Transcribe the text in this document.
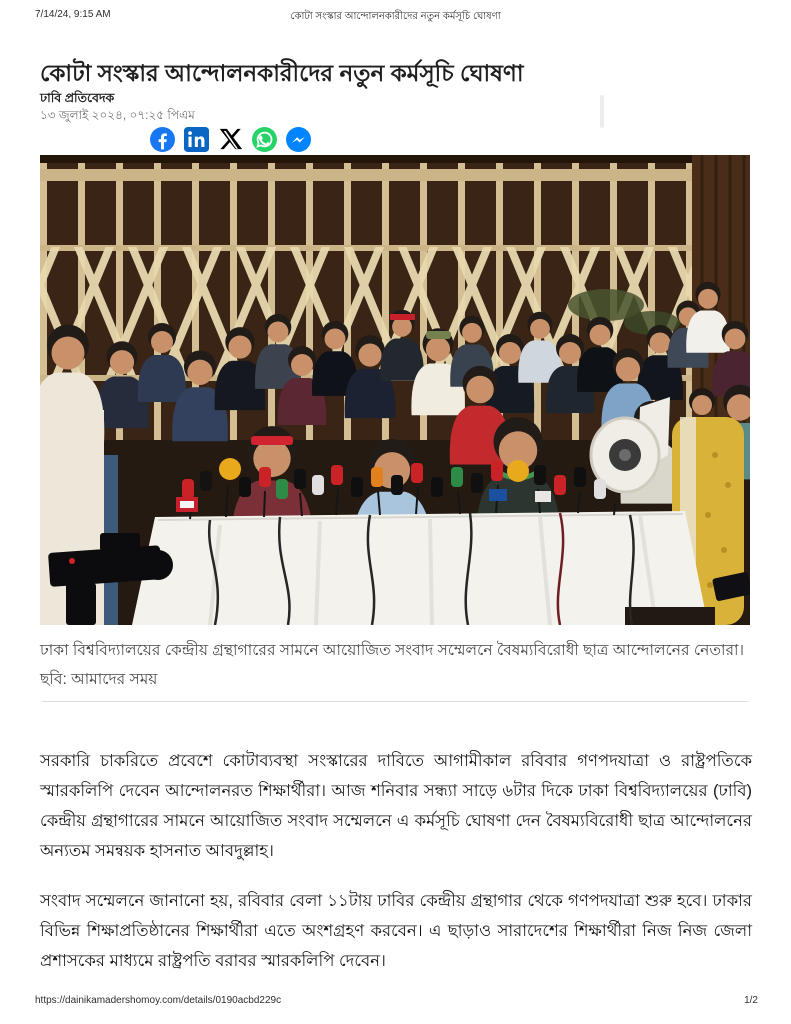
7/14/24, 9:15 AM	কোটা সংস্কার আন্দোলনকারীদের নতুন কর্মসূচি ঘোষণা
কোটা সংস্কার আন্দোলনকারীদের নতুন কর্মসূচি ঘোষণা
ঢাবি প্রতিবেদক
১৩ জুলাই ২০২৪, ০৭:২৫ পিএম
ঢাকা বিশ্ববিদ্যালয়ের কেন্দ্রীয় গ্রন্থাগারের সামনে আয়োজিত সংবাদ সম্মেলনে বৈষম্যবিরোধী ছাত্র আন্দোলনের নেতারা। ছবি: আমাদের সময়

সরকারি চাকরিতে প্রবেশে কোটাব্যবস্থা সংস্কারের দাবিতে আগামীকাল রবিবার গণপদযাত্রা ও রাষ্ট্রপতিকে স্মারকলিপি দেবেন আন্দোলনরত শিক্ষার্থীরা। আজ শনিবার সন্ধ্যা সাড়ে ৬টার দিকে ঢাকা বিশ্ববিদ্যালয়ের (ঢাবি) কেন্দ্রীয় গ্রন্থাগারের সামনে আয়োজিত সংবাদ সম্মেলনে এ কর্মসূচি ঘোষণা দেন বৈষম্যবিরোধী ছাত্র আন্দোলনের অন্যতম সমন্বয়ক হাসনাত আবদুল্লাহ।

সংবাদ সম্মেলনে জানানো হয়, রবিবার বেলা ১১টায় ঢাবির কেন্দ্রীয় গ্রন্থাগার থেকে গণপদযাত্রা শুরু হবে। ঢাকার বিভিন্ন শিক্ষাপ্রতিষ্ঠানের শিক্ষার্থীরা এতে অংশগ্রহণ করবেন। এ ছাড়াও সারাদেশের শিক্ষার্থীরা নিজ নিজ জেলা প্রশাসকের মাধ্যমে রাষ্ট্রপতি বরাবর স্মারকলিপি দেবেন।

https://dainikamadershomoy.com/details/0190acbd229c	1/2
